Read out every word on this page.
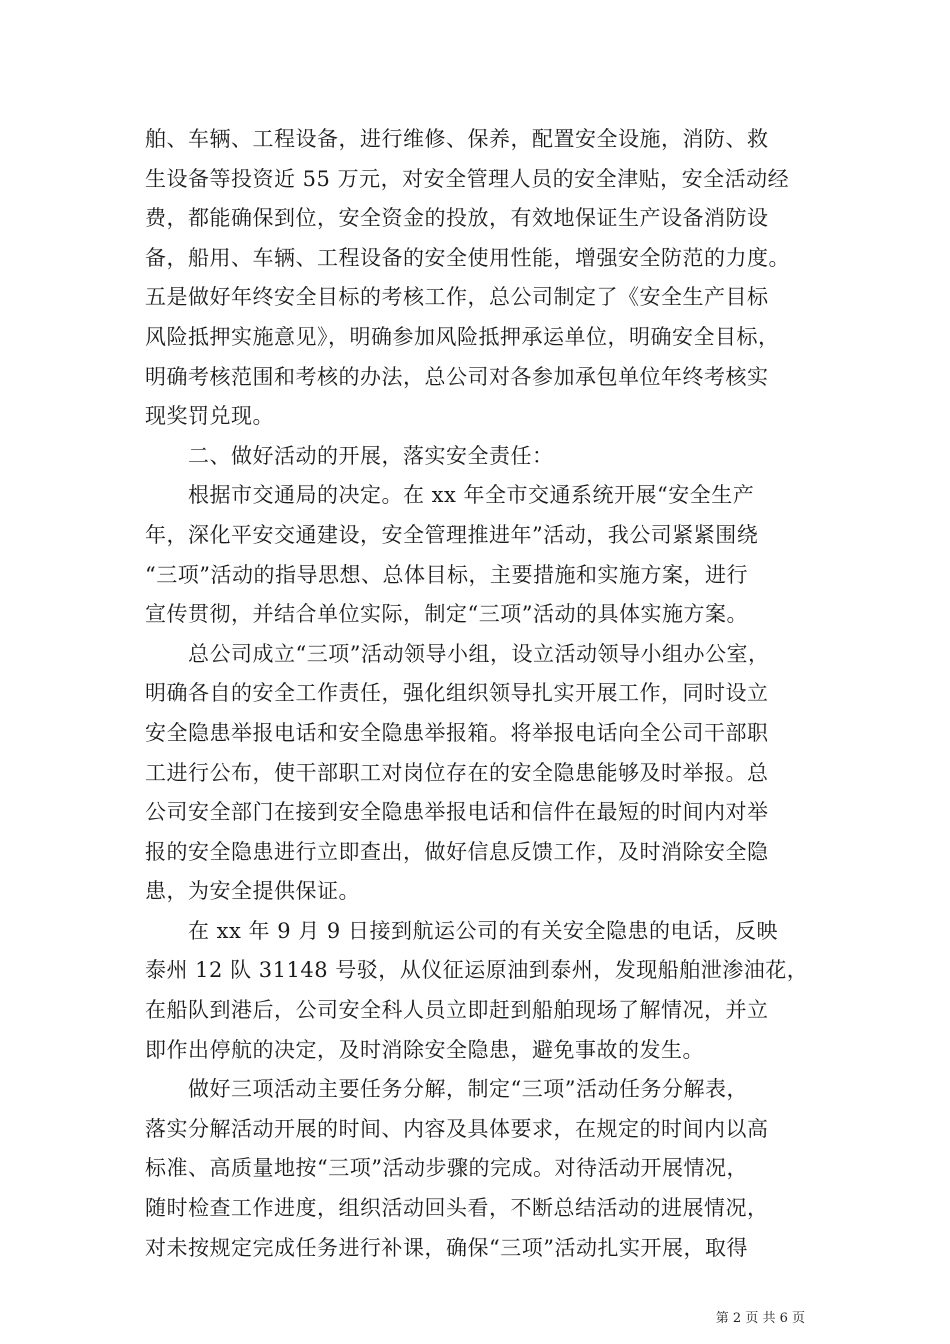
舶、车辆、工程设备，进行维修、保养，配置安全设施，消防、救
生设备等投资近 55 万元，对安全管理人员的安全津贴，安全活动经
费，都能确保到位，安全资金的投放，有效地保证生产设备消防设
备，船用、车辆、工程设备的安全使用性能，增强安全防范的力度。
五是做好年终安全目标的考核工作，总公司制定了《安全生产目标
风险抵押实施意见》，明确参加风险抵押承运单位，明确安全目标，
明确考核范围和考核的办法，总公司对各参加承包单位年终考核实
现奖罚兑现。
　　二、做好活动的开展，落实安全责任：
　　根据市交通局的决定。在 xx 年全市交通系统开展“安全生产
年，深化平安交通建设，安全管理推进年”活动，我公司紧紧围绕
“三项”活动的指导思想、总体目标，主要措施和实施方案，进行
宣传贯彻，并结合单位实际，制定“三项”活动的具体实施方案。
　　总公司成立“三项”活动领导小组，设立活动领导小组办公室，
明确各自的安全工作责任，强化组织领导扎实开展工作，同时设立
安全隐患举报电话和安全隐患举报箱。将举报电话向全公司干部职
工进行公布，使干部职工对岗位存在的安全隐患能够及时举报。总
公司安全部门在接到安全隐患举报电话和信件在最短的时间内对举
报的安全隐患进行立即查出，做好信息反馈工作，及时消除安全隐
患，为安全提供保证。
　　在 xx 年 9 月 9 日接到航运公司的有关安全隐患的电话，反映
泰州 12 队 31148 号驳，从仪征运原油到泰州，发现船舶泄渗油花，
在船队到港后，公司安全科人员立即赶到船舶现场了解情况，并立
即作出停航的决定，及时消除安全隐患，避免事故的发生。
　　做好三项活动主要任务分解，制定“三项”活动任务分解表，
落实分解活动开展的时间、内容及具体要求，在规定的时间内以高
标准、高质量地按“三项”活动步骤的完成。对待活动开展情况，
随时检查工作进度，组织活动回头看，不断总结活动的进展情况，
对未按规定完成任务进行补课，确保“三项”活动扎实开展，取得
第 2 页 共 6 页
